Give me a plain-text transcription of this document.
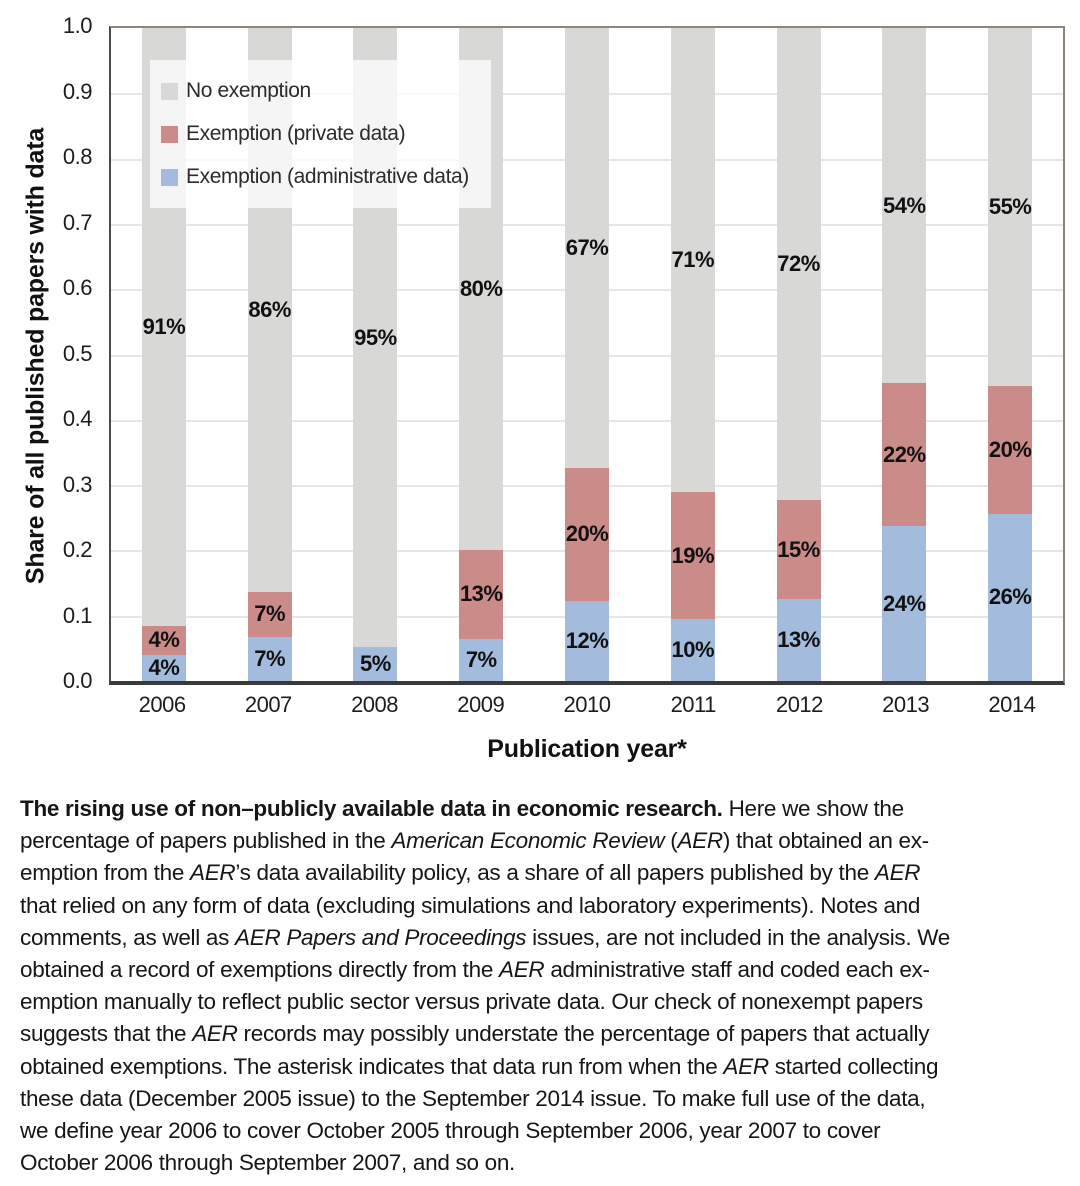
Share of all published papers with data
1.0
0.9
0.8
0.7
0.6
0.5
0.4
0.3
0.2
0.1
0.0
No exemption
Exemption (private data)
Exemption (administrative data)
4%
4%
91%
7%
7%
86%
5%
95%
7%
13%
80%
12%
20%
67%
10%
19%
71%
13%
15%
72%
24%
22%
54%
26%
20%
55%
2006	2007	2008	2009	2010	2011	2012	2013	2014
Publication year*
The rising use of non–publicly available data in economic research. Here we show the
percentage of papers published in the American Economic Review (AER) that obtained an ex-
emption from the AER’s data availability policy, as a share of all papers published by the AER
that relied on any form of data (excluding simulations and laboratory experiments). Notes and
comments, as well as AER Papers and Proceedings issues, are not included in the analysis. We
obtained a record of exemptions directly from the AER administrative staff and coded each ex-
emption manually to reflect public sector versus private data. Our check of nonexempt papers
suggests that the AER records may possibly understate the percentage of papers that actually
obtained exemptions. The asterisk indicates that data run from when the AER started collecting
these data (December 2005 issue) to the September 2014 issue. To make full use of the data,
we define year 2006 to cover October 2005 through September 2006, year 2007 to cover
October 2006 through September 2007, and so on.
